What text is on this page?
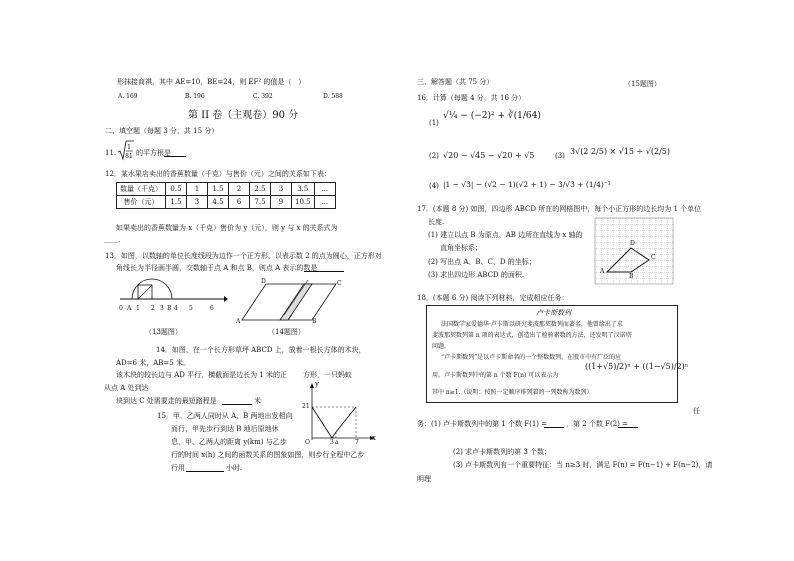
形抹接商祺，其中 AE=10，BE=24，则 EF² 的值是（　）
A. 169	B. 196	C. 392	D. 588
第 II 卷（主观卷）90 分
二、填空题（每题 3 分、共 15 分）
11.
1
81 的平方根是
12．某水果店卖出的香蕉数量（千克）与售价（元）之间的关系如下表：
数量（千克）	0.5	1	1.5	2	2.5	3	3.5	…
售价（元）	1.5	3	4.5	6	7.5	9	10.5	…
如果卖出的香蕉数量为 x（千克）售价为 y（元），则 y 与 x 的关系式为
＿＿.
13．如图，以数轴的单位长度线段为边作一个正方形，以表示数 2 的点为圆心，正方形对
角线长为半径画半圆，交数轴于点 A 和点 B，则点 A 表示的数是
0 A 1 2 3 B 4 5	6
（13题图）
A	B
C
D
（14题图）
14．如图，在一个长方形草坪 ABCD 上，放着一根长方体的木块，
AD=6 米，AB=5 米。
该木块的较长边与 AD 平行，横截面是边长为 1 米的正 方形，一只蚂蚁
从点 A 处到达
块到达 C 处需要走的最短路程是	米
15．甲、乙两人同时从 A、B 两地出发相向
而行，甲先步行到达 B 地后原地休
息，甲、乙两人的距离 y(km) 与乙步
行的时间 x(h) 之间的函数关系的图象如图，则步行全程中乙步
行用	小时.
y
21
O	3 a	7
x
三、解答题（共 75 分）	（15题图）
16．计算（每题 4 分，共 16 分）
(1)
√¼ − (−2)² + ∛(1/64)
(2) √20 − √45 − √20 + √5	(3) 3√(2 2/5) × √15 ÷ √(2/5)
(4) |1 − √3| − (√2 − 1)(√2 + 1) − 3/√3 + (1/4)⁻¹
17．(本题 8 分) 如图，四边形 ABCD 所在的网格图中，每个小正方形的边长均为 1 个单位
长度.
(1) 建立以点 B 为原点，AB 边所在直线为 x 轴的
直角坐标系；
(2) 写出点 A、B、C、D 的坐标；
(3) 求出四边形 ABCD 的面积.	A
B
C
D
18．(本题 6 分) 阅读下列材料，完成相应任务：
卢卡斯数列
法国数学家爱德华·卢卡斯以研究斐波那契数列而著名，他曾给出了求
斐波那契数列第 n 项的表达式，创造出了检验素数的方法，还发明了汉诺塔
问题。
“卢卡斯数列”是以卢卡斯命名的一个整数数列，在股市中有广泛的应
用。卢卡斯数列中的第 n 个数 F(n) 可以表示为
((1+√5)/2)ⁿ + ((1−√5)/2)ⁿ
其中 n≥1.（说明：按照一定顺序排列着的一列数称为数列）
任
务：(1) 卢卡斯数列中的第 1 个数 F(1) =	，第 2 个数 F(2) =
(2) 求卢卡斯数列的第 3 个数；
(3) 卢卡斯数列有一个重要特征：当 n≥3 时，满足 F(n) = F(n−1) + F(n−2)，请
明理
